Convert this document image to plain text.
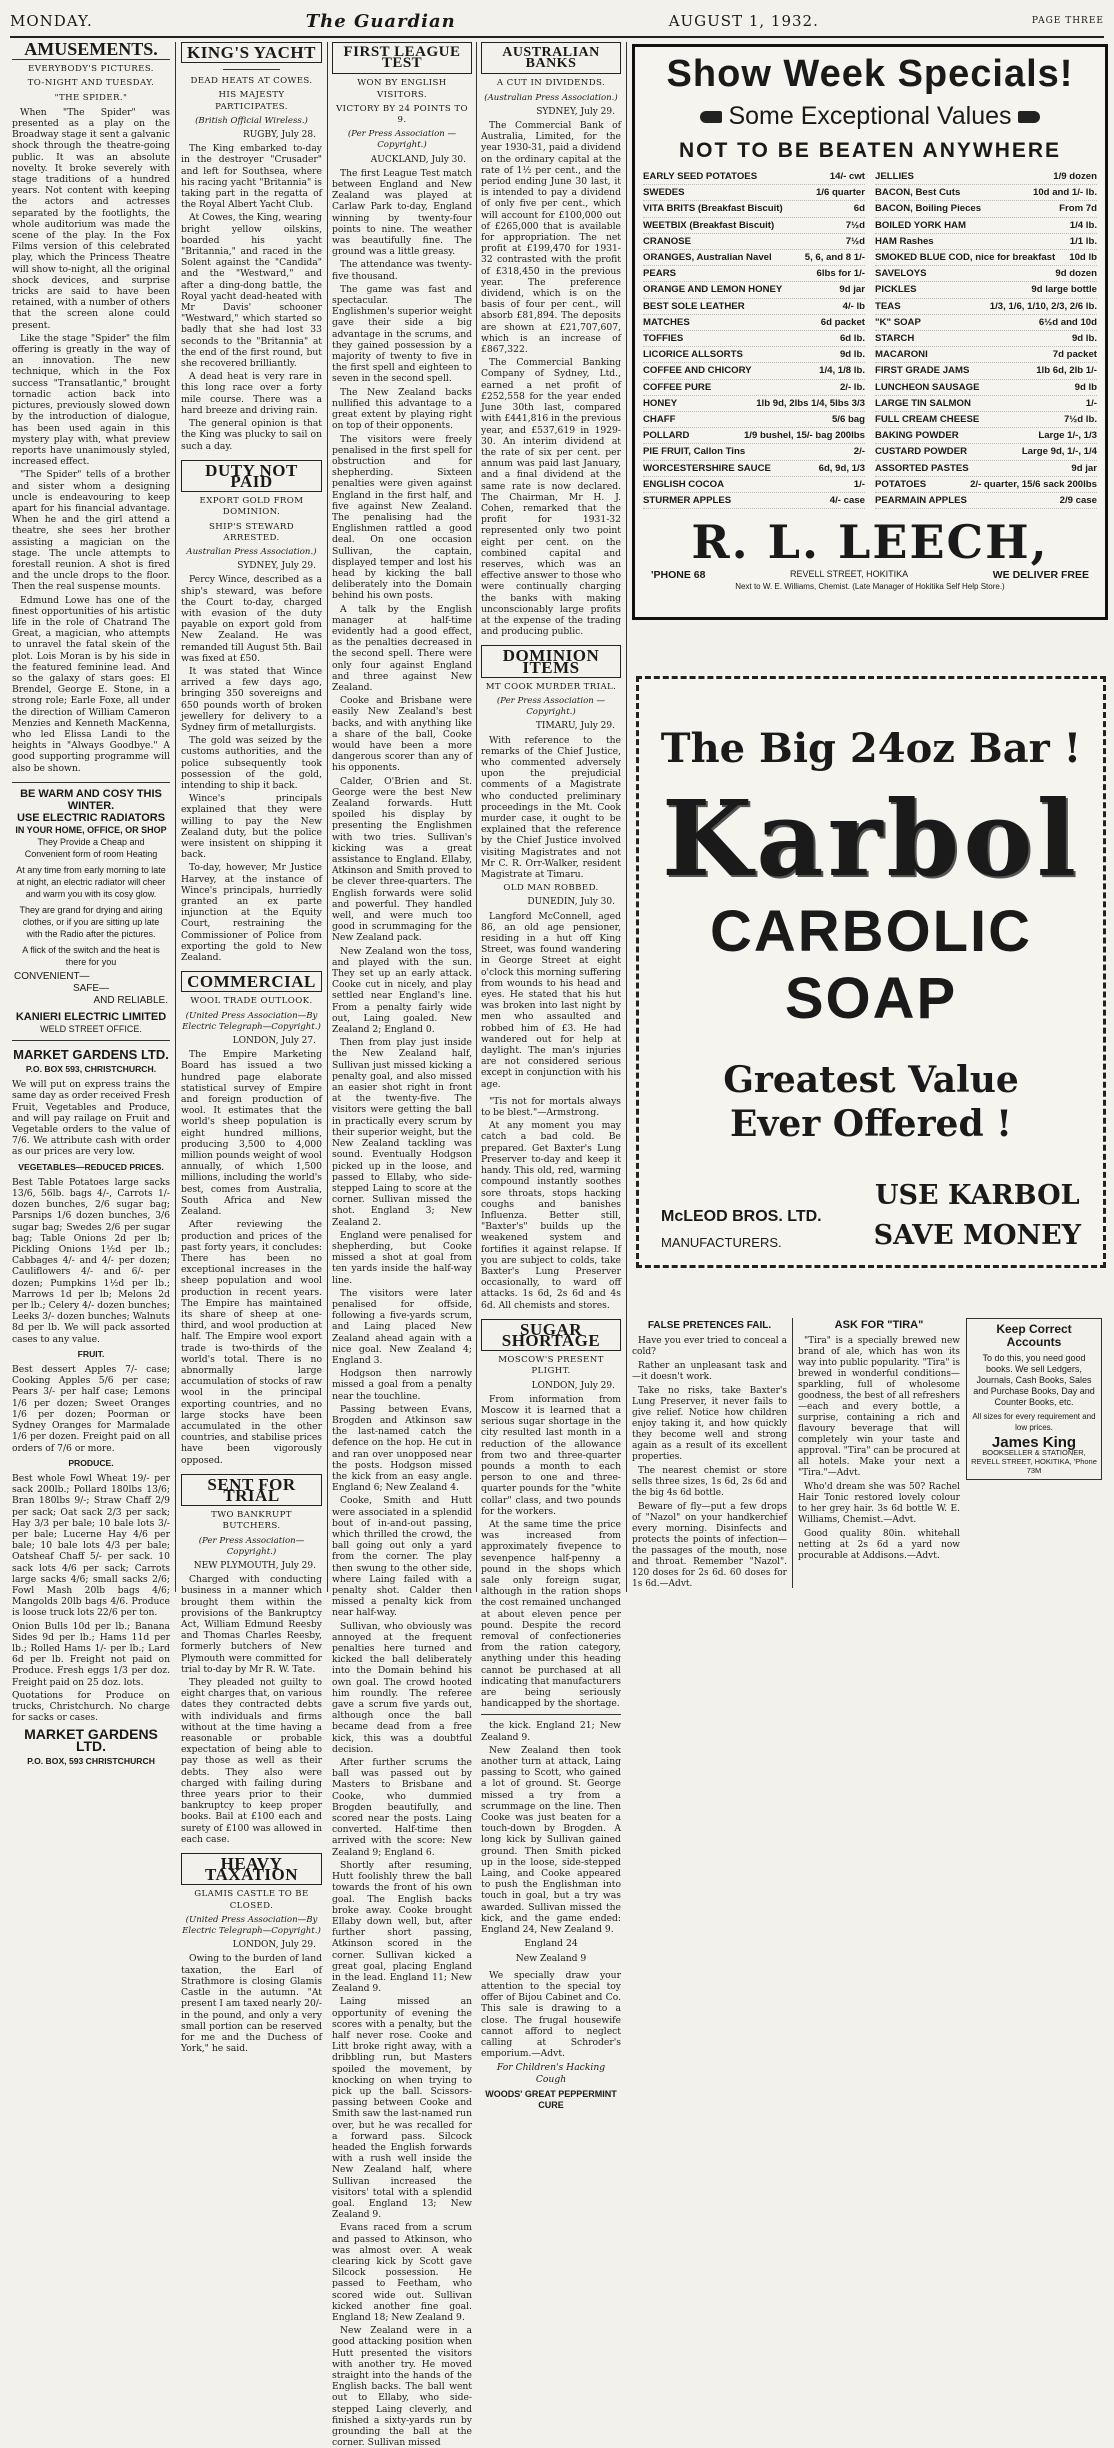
MONDAY.	The Guardian	AUGUST 1, 1932.	PAGE THREE
AMUSEMENTS.
EVERYBODY'S PICTURES.
TO-NIGHT AND TUESDAY.
"THE SPIDER."

When "The Spider" was presented as a play on the Broadway stage it sent a galvanic shock through the theatre-going public. It was an absolute novelty. It broke severely with stage traditions of a hundred years. Not content with keeping the actors and actresses separated by the footlights, the whole auditorium was made the scene of the play. In the Fox Films version of this celebrated play, which the Princess Theatre will show to-night, all the original shock devices, and surprise tricks are said to have been retained, with a number of others that the screen alone could present.

Like the stage "Spider" the film offering is greatly in the way of an innovation. The new technique, which in the Fox success "Transatlantic," brought tornadic action back into pictures, previously slowed down by the introduction of dialogue, has been used again in this mystery play with, what preview reports have unanimously styled, increased effect.

"The Spider" tells of a brother and sister whom a designing uncle is endeavouring to keep apart for his financial advantage. When he and the girl attend a theatre, she sees her brother assisting a magician on the stage. The uncle attempts to forestall reunion. A shot is fired and the uncle drops to the floor. Then the real suspense mounts.

Edmund Lowe has one of the finest opportunities of his artistic life in the role of Chatrand The Great, a magician, who attempts to unravel the fatal skein of the plot. Lois Moran is by his side in the featured feminine lead. And so the galaxy of stars goes: El Brendel, George E. Stone, in a strong role; Earle Foxe, all under the direction of William Cameron Menzies and Kenneth MacKenna, who led Elissa Landi to the heights in "Always Goodbye." A good supporting programme will also be shown.

BE WARM AND COSY THIS WINTER.
USE ELECTRIC RADIATORS
IN YOUR HOME, OFFICE, OR SHOP
They Provide a Cheap and Convenient form of room Heating
At any time from early morning to late at night, an electric radiator will cheer and warm you with its cosy glow.
They are grand for drying and airing clothes, or if you are sitting up late with the Radio after the pictures.
A flick of the switch and the heat is there for you
CONVENIENT—
SAFE—
AND RELIABLE.
KANIERI ELECTRIC LIMITED
WELD STREET OFFICE.
MARKET GARDENS LTD.
P.O. BOX 593, CHRISTCHURCH.

We will put on express trains the same day as order received Fresh Fruit, Vegetables and Produce, and will pay railage on Fruit and Vegetable orders to the value of 7/6. We attribute cash with order as our prices are very low.

VEGETABLES—REDUCED PRICES.

Best Table Potatoes large sacks 13/6, 56lb. bags 4/-, Carrots 1/- dozen bunches, 2/6 sugar bag; Parsnips 1/6 dozen bunches, 3/6 sugar bag; Swedes 2/6 per sugar bag; Table Onions 2d per lb; Pickling Onions 1½d per lb.; Cabbages 4/- and 4/- per dozen; Cauliflowers 4/- and 6/- per dozen; Pumpkins 1½d per lb.; Marrows 1d per lb; Melons 2d per lb.; Celery 4/- dozen bunches; Leeks 3/- dozen bunches; Walnuts 8d per lb. We will pack assorted cases to any value.

FRUIT.

Best dessert Apples 7/- case; Cooking Apples 5/6 per case; Pears 3/- per half case; Lemons 1/6 per dozen; Sweet Oranges 1/6 per dozen; Poorman or Sydney Oranges for Marmalade 1/6 per dozen. Freight paid on all orders of 7/6 or more.

PRODUCE.

Best whole Fowl Wheat 19/- per sack 200lb.; Pollard 180lbs 13/6; Bran 180lbs 9/-; Straw Chaff 2/9 per sack; Oat sack 2/3 per sack; Hay 3/3 per bale; 10 bale lots 3/- per bale; Lucerne Hay 4/6 per bale; 10 bale lots 4/3 per bale; Oatsheaf Chaff 5/- per sack. 10 sack lots 4/6 per sack; Carrots large sacks 4/6; small sacks 2/6; Fowl Mash 20lb bags 4/6; Mangolds 20lb bags 4/6. Produce is loose truck lots 22/6 per ton.

Onion Bulls 10d per lb.; Banana Sides 9d per lb.; Hams 11d per lb.; Rolled Hams 1/- per lb.; Lard 6d per lb. Freight not paid on Produce. Fresh eggs 1/3 per doz. Freight paid on 25 doz. lots.

Quotations for Produce on trucks, Christchurch. No charge for sacks or cases.

MARKET GARDENS LTD.
P.O. BOX, 593 CHRISTCHURCH
KING'S YACHT
DEAD HEATS AT COWES.
HIS MAJESTY PARTICIPATES.
(British Official Wireless.)
RUGBY, July 28.

The King embarked to-day in the destroyer "Crusader" and left for Southsea, where his racing yacht "Britannia" is taking part in the regatta of the Royal Albert Yacht Club.

At Cowes, the King, wearing bright yellow oilskins, boarded his yacht "Britannia," and raced in the Solent against the "Candida" and the "Westward," and after a ding-dong battle, the Royal yacht dead-heated with Mr Davis' schooner "Westward," which started so badly that she had lost 33 seconds to the "Britannia" at the end of the first round, but she recovered brilliantly.

A dead heat is very rare in this long race over a forty mile course. There was a hard breeze and driving rain.

The general opinion is that the King was plucky to sail on such a day.

DUTY NOT PAID
EXPORT GOLD FROM DOMINION.
SHIP'S STEWARD ARRESTED.
Australian Press Association.)
SYDNEY, July 29.

Percy Wince, described as a ship's steward, was before the Court to-day, charged with evasion of the duty payable on export gold from New Zealand. He was remanded till August 5th. Bail was fixed at £50.

It was stated that Wince arrived a few days ago, bringing 350 sovereigns and 650 pounds worth of broken jewellery for delivery to a Sydney firm of metallurgists.

The gold was seized by the customs authorities, and the police subsequently took possession of the gold, intending to ship it back.

Wince's principals explained that they were willing to pay the New Zealand duty, but the police were insistent on shipping it back.

To-day, however, Mr Justice Harvey, at the instance of Wince's principals, hurriedly granted an ex parte injunction at the Equity Court, restraining the Commissioner of Police from exporting the gold to New Zealand.

COMMERCIAL
WOOL TRADE OUTLOOK.
(United Press Association—By Electric Telegraph—Copyright.)
LONDON, July 27.

The Empire Marketing Board has issued a two hundred page elaborate statistical survey of Empire and foreign production of wool. It estimates that the world's sheep population is eight hundred millions, producing 3,500 to 4,000 million pounds weight of wool annually, of which 1,500 millions, including the world's best, comes from Australia, South Africa and New Zealand.

After reviewing the production and prices of the past forty years, it concludes: There has been no exceptional increases in the sheep population and wool production in recent years. The Empire has maintained its share of sheep at one-third, and wool production at half. The Empire wool export trade is two-thirds of the world's total. There is no abnormally large accumulation of stocks of raw wool in the principal exporting countries, and no large stocks have been accumulated in the other countries, and stabilise prices have been vigorously opposed.

SENT FOR TRIAL
TWO BANKRUPT BUTCHERS.
(Per Press Association—Copyright.)
NEW PLYMOUTH, July 29.

Charged with conducting business in a manner which brought them within the provisions of the Bankruptcy Act, William Edmund Reesby and Thomas Charles Reesby, formerly butchers of New Plymouth were committed for trial to-day by Mr R. W. Tate.

They pleaded not guilty to eight charges that, on various dates they contracted debts with individuals and firms without at the time having a reasonable or probable expectation of being able to pay those as well as their debts. They also were charged with failing during three years prior to their bankruptcy to keep proper books. Bail at £100 each and surety of £100 was allowed in each case.

HEAVY TAXATION
GLAMIS CASTLE TO BE CLOSED.
(United Press Association—By Electric Telegraph—Copyright.)
LONDON, July 29.

Owing to the burden of land taxation, the Earl of Strathmore is closing Glamis Castle in the autumn. "At present I am taxed nearly 20/- in the pound, and only a very small portion can be reserved for me and the Duchess of York," he said.

FIRST LEAGUE TEST
WON BY ENGLISH VISITORS.
VICTORY BY 24 POINTS TO 9.
(Per Press Association — Copyright.)
AUCKLAND, July 30.

The first League Test match between England and New Zealand was played at Carlaw Park to-day, England winning by twenty-four points to nine. The weather was beautifully fine. The ground was a little greasy.

The attendance was twenty-five thousand.

The game was fast and spectacular. The Englishmen's superior weight gave their side a big advantage in the scrums, and they gained possession by a majority of twenty to five in the first spell and eighteen to seven in the second spell.

The New Zealand backs nullified this advantage to a great extent by playing right on top of their opponents.

The visitors were freely penalised in the first spell for obstruction and for shepherding. Sixteen penalties were given against England in the first half, and five against New Zealand. The penalising had the Englishmen rattled a good deal. On one occasion Sullivan, the captain, displayed temper and lost his head by kicking the ball deliberately into the Domain behind his own posts.

A talk by the English manager at half-time evidently had a good effect, as the penalties decreased in the second spell. There were only four against England and three against New Zealand.

Cooke and Brisbane were easily New Zealand's best backs, and with anything like a share of the ball, Cooke would have been a more dangerous scorer than any of his opponents.

Calder, O'Brien and St. George were the best New Zealand forwards. Hutt spoiled his display by presenting the Englishmen with two tries. Sullivan's kicking was a great assistance to England. Ellaby, Atkinson and Smith proved to be clever three-quarters. The English forwards were solid and powerful. They handled well, and were much too good in scrummaging for the New Zealand pack.

New Zealand won the toss, and played with the sun. They set up an early attack. Cooke cut in nicely, and play settled near England's line. From a penalty fairly wide out, Laing goaled. New Zealand 2; England 0.

Then from play just inside the New Zealand half, Sullivan just missed kicking a penalty goal, and also missed an easier shot right in front at the twenty-five. The visitors were getting the ball in practically every scrum by their superior weight, but the New Zealand tackling was sound. Eventually Hodgson picked up in the loose, and passed to Ellaby, who side-stepped Laing to score at the corner. Sullivan missed the shot. England 3; New Zealand 2.

England were penalised for shepherding, but Cooke missed a shot at goal from ten yards inside the half-way line.

The visitors were later penalised for offside, following a five-yards scrum, and Laing placed New Zealand ahead again with a nice goal. New Zealand 4; England 3.

Hodgson then narrowly missed a goal from a penalty near the touchline.

Passing between Evans, Brogden and Atkinson saw the last-named catch the defence on the hop. He cut in and ran over unopposed near the posts. Hodgson missed the kick from an easy angle. England 6; New Zealand 4.

Cooke, Smith and Hutt were associated in a splendid bout of in-and-out passing, which thrilled the crowd, the ball going out only a yard from the corner. The play then swung to the other side, where Laing failed with a penalty shot. Calder then missed a penalty kick from near half-way.

Sullivan, who obviously was annoyed at the frequent penalties here turned and kicked the ball deliberately into the Domain behind his own goal. The crowd hooted him roundly. The referee gave a scrum five yards out, although once the ball became dead from a free kick, this was a doubtful decision.

After further scrums the ball was passed out by Masters to Brisbane and Cooke, who dummied Brogden beautifully, and scored near the posts. Laing converted. Half-time then arrived with the score: New Zealand 9; England 6.

Shortly after resuming, Hutt foolishly threw the ball towards the front of his own goal. The English backs broke away. Cooke brought Ellaby down well, but, after further short passing, Atkinson scored in the corner. Sullivan kicked a great goal, placing England in the lead. England 11; New Zealand 9.

Laing missed an opportunity of evening the scores with a penalty, but the half never rose. Cooke and Litt broke right away, with a dribbling run, but Masters spoiled the movement, by knocking on when trying to pick up the ball. Scissors-passing between Cooke and Smith saw the last-named run over, but he was recalled for a forward pass. Silcock headed the English forwards with a rush well inside the New Zealand half, where Sullivan increased the visitors' total with a splendid goal. England 13; New Zealand 9.

Evans raced from a scrum and passed to Atkinson, who was almost over. A weak clearing kick by Scott gave Silcock possession. He passed to Feetham, who scored wide out. Sullivan kicked another fine goal. England 18; New Zealand 9.

New Zealand were in a good attacking position when Hutt presented the visitors with another try. He moved straight into the hands of the English backs. The ball went out to Ellaby, who side-stepped Laing cleverly, and finished a sixty-yards run by grounding the ball at the corner. Sullivan missed

AUSTRALIAN BANKS
A CUT IN DIVIDENDS.
(Australian Press Association.)
SYDNEY, July 29.

The Commercial Bank of Australia, Limited, for the year 1930-31, paid a dividend on the ordinary capital at the rate of 1½ per cent., and the period ending June 30 last, it is intended to pay a dividend of only five per cent., which will account for £100,000 out of £265,000 that is available for appropriation. The net profit at £199,470 for 1931-32 contrasted with the profit of £318,450 in the previous year. The preference dividend, which is on the basis of four per cent., will absorb £81,894. The deposits are shown at £21,707,607, which is an increase of £867,322.

The Commercial Banking Company of Sydney, Ltd., earned a net profit of £252,558 for the year ended June 30th last, compared with £441,816 in the previous year, and £537,619 in 1929-30. An interim dividend at the rate of six per cent. per annum was paid last January, and a final dividend at the same rate is now declared. The Chairman, Mr H. J. Cohen, remarked that the profit for 1931-32 represented only two point eight per cent. on the combined capital and reserves, which was an effective answer to those who were continually charging the banks with making unconscionably large profits at the expense of the trading and producing public.

DOMINION ITEMS
MT COOK MURDER TRIAL.
(Per Press Association — Copyright.)
TIMARU, July 29.

With reference to the remarks of the Chief Justice, who commented adversely upon the prejudicial comments of a Magistrate who conducted preliminary proceedings in the Mt. Cook murder case, it ought to be explained that the reference by the Chief Justice involved visiting Magistrates and not Mr C. R. Orr-Walker, resident Magistrate at Timaru.

OLD MAN ROBBED.
DUNEDIN, July 30.

Langford McConnell, aged 86, an old age pensioner, residing in a hut off King Street, was found wandering in George Street at eight o'clock this morning suffering from wounds to his head and eyes. He stated that his hut was broken into last night by men who assaulted and robbed him of £3. He had wandered out for help at daylight. The man's injuries are not considered serious except in conjunction with his age.

"Tis not for mortals always to be blest."—Armstrong.

At any moment you may catch a bad cold. Be prepared. Get Baxter's Lung Preserver to-day and keep it handy. This old, red, warming compound instantly soothes sore throats, stops hacking coughs and banishes Influenza. Better still, "Baxter's" builds up the weakened system and fortifies it against relapse. If you are subject to colds, take Baxter's Lung Preserver occasionally, to ward off attacks. 1s 6d, 2s 6d and 4s 6d. All chemists and stores.

SUGAR SHORTAGE
MOSCOW'S PRESENT PLIGHT.
LONDON, July 29.

From information from Moscow it is learned that a serious sugar shortage in the city resulted last month in a reduction of the allowance from two and three-quarter pounds a month to each person to one and three-quarter pounds for the "white collar" class, and two pounds for the workers.

At the same time the price was increased from approximately fivepence to sevenpence half-penny a pound in the shops which sale only foreign sugar, although in the ration shops the cost remained unchanged at about eleven pence per pound. Despite the record removal of confectioneries from the ration category, anything under this heading cannot be purchased at all indicating that manufacturers are being seriously handicapped by the shortage.

the kick. England 21; New Zealand 9.

New Zealand then took another turn at attack, Laing passing to Scott, who gained a lot of ground. St. George missed a try from a scrummage on the line. Then Cooke was just beaten for a touch-down by Brogden. A long kick by Sullivan gained ground. Then Smith picked up in the loose, side-stepped Laing, and Cooke appeared to push the Englishman into touch in goal, but a try was awarded. Sullivan missed the kick, and the game ended: England 24, New Zealand 9.

England 24
New Zealand 9

We specially draw your attention to the special toy offer of Bijou Cabinet and Co. This sale is drawing to a close. The frugal housewife cannot afford to neglect calling at Schroder's emporium.—Advt.

For Children's Hacking Cough
WOODS' GREAT PEPPERMINT CURE
Show Week Specials!
Some Exceptional Values
NOT TO BE BEATEN ANYWHERE
EARLY SEED POTATOES	14/- cwt
SWEDES	1/6 quarter
VITA BRITS (Breakfast Biscuit)	6d
WEETBIX (Breakfast Biscuit)	7½d
CRANOSE	7½d
ORANGES, Australian Navel	5, 6, and 8 1/-
PEARS	6lbs for 1/-
ORANGE AND LEMON HONEY	9d jar
BEST SOLE LEATHER	4/- lb
MATCHES	6d packet
TOFFIES	6d lb.
LICORICE ALLSORTS	9d lb.
COFFEE AND CHICORY	1/4, 1/8 lb.
COFFEE PURE	2/- lb.
HONEY	1lb 9d, 2lbs 1/4, 5lbs 3/3
CHAFF	5/6 bag
POLLARD	1/9 bushel, 15/- bag 200lbs
PIE FRUIT, Callon Tins	2/-
WORCESTERSHIRE SAUCE	6d, 9d, 1/3
ENGLISH COCOA	1/-
STURMER APPLES	4/- case
JELLIES	1/9 dozen
BACON, Best Cuts	10d and 1/- lb.
BACON, Boiling Pieces	From 7d
BOILED YORK HAM	1/4 lb.
HAM Rashes	1/1 lb.
SMOKED BLUE COD, nice for breakfast 10d lb
SAVELOYS	9d dozen
PICKLES	9d large bottle
TEAS	1/3, 1/6, 1/10, 2/3, 2/6 lb.
"K" SOAP	6½d and 10d
STARCH	9d lb.
MACARONI	7d packet
FIRST GRADE JAMS	1lb 6d, 2lb 1/-
LUNCHEON SAUSAGE	9d lb
LARGE TIN SALMON	1/-
FULL CREAM CHEESE	7½d lb.
BAKING POWDER	Large 1/-, 1/3
CUSTARD POWDER	Large 9d, 1/-, 1/4
ASSORTED PASTES	9d jar
POTATOES	2/- quarter, 15/6 sack 200lbs
PEARMAIN APPLES	2/9 case
R. L. LEECH,
'PHONE 68	REVELL STREET, HOKITIKA	WE DELIVER FREE
Next to W. E. Williams, Chemist. (Late Manager of Hokitika Self Help Store.)
The Big 24oz Bar !
Karbol
CARBOLIC SOAP
Greatest Value
Ever Offered !
McLEOD BROS. LTD.
MANUFACTURERS.
USE KARBOL
SAVE MONEY
FALSE PRETENCES FAIL.

Have you ever tried to conceal a cold?

Rather an unpleasant task and—it doesn't work.

Take no risks, take Baxter's Lung Preserver, it never fails to give relief. Notice how children enjoy taking it, and how quickly they become well and strong again as a result of its excellent properties.

The nearest chemist or store sells three sizes, 1s 6d, 2s 6d and the big 4s 6d bottle.

Beware of fly—put a few drops of "Nazol" on your handkerchief every morning. Disinfects and protects the points of infection—the passages of the mouth, nose and throat. Remember "Nazol". 120 doses for 2s 6d. 60 doses for 1s 6d.—Advt.

ASK FOR "TIRA"

"Tira" is a specially brewed new brand of ale, which has won its way into public popularity. "Tira" is brewed in wonderful conditions—sparkling, full of wholesome goodness, the best of all refreshers—each and every bottle, a surprise, containing a rich and flavoury beverage that will completely win your taste and approval. "Tira" can be procured at all hotels. Make your next a "Tira."—Advt.

Who'd dream she was 50? Rachel Hair Tonic restored lovely colour to her grey hair. 3s 6d bottle W. E. Williams, Chemist.—Advt.

Good quality 80in. whitehall netting at 2s 6d a yard now procurable at Addisons.—Advt.

Keep Correct Accounts
To do this, you need good books. We sell Ledgers, Journals, Cash Books, Sales and Purchase Books, Day and Counter Books, etc.
All sizes for every requirement and low prices.
James King
BOOKSELLER & STATIONER, REVELL STREET, HOKITIKA, 'Phone 73M
